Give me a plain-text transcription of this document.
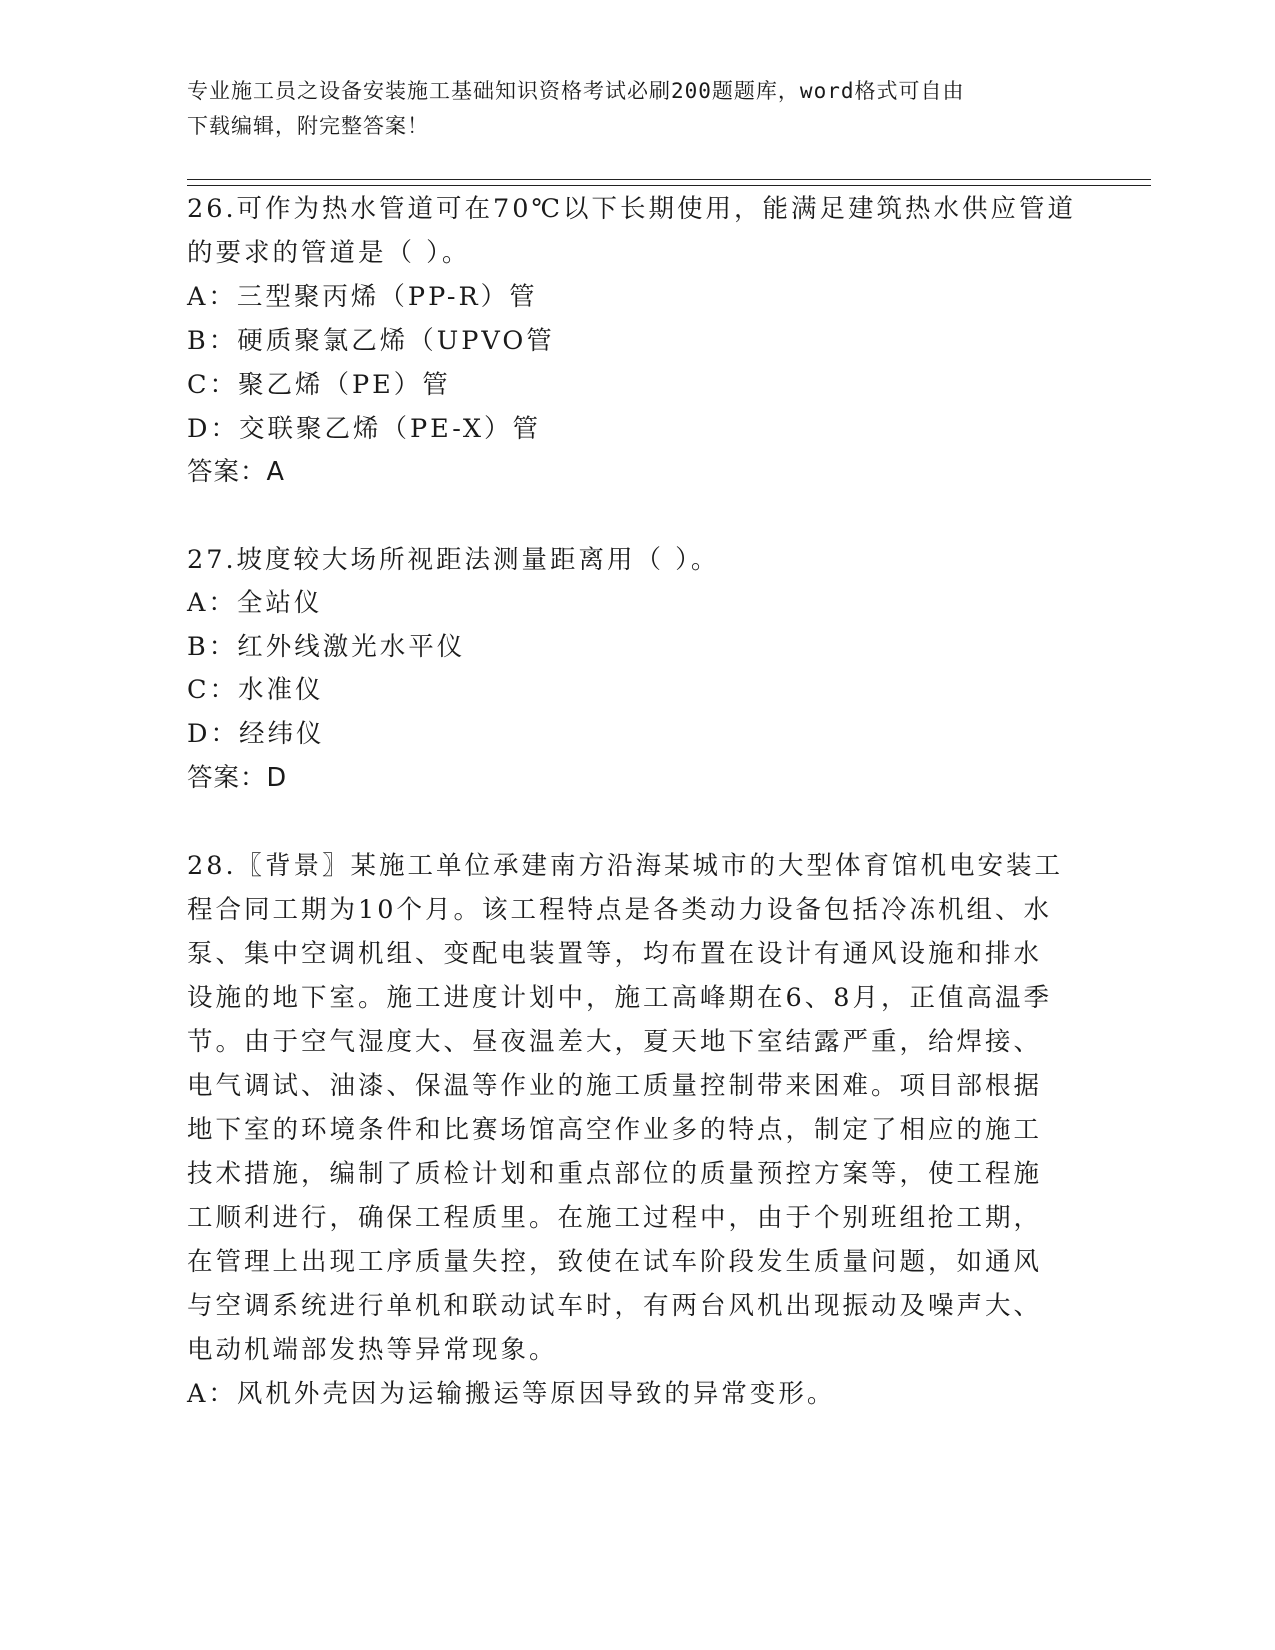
专业施工员之设备安装施工基础知识资格考试必刷200题题库，word格式可自由
下载编辑，附完整答案！
26.可作为热水管道可在70℃以下长期使用，能满足建筑热水供应管道
的要求的管道是（ ）。
A：三型聚丙烯（PP-R）管
B：硬质聚氯乙烯（UPVO管
C：聚乙烯（PE）管
D：交联聚乙烯（PE-X）管
答案：A
27.坡度较大场所视距法测量距离用（ ）。
A：全站仪
B：红外线激光水平仪
C：水准仪
D：经纬仪
答案：D
28.〖背景〗某施工单位承建南方沿海某城市的大型体育馆机电安装工
程合同工期为10个月。该工程特点是各类动力设备包括冷冻机组、水
泵、集中空调机组、变配电装置等，均布置在设计有通风设施和排水
设施的地下室。施工进度计划中，施工高峰期在6、8月，正值高温季
节。由于空气湿度大、昼夜温差大，夏天地下室结露严重，给焊接、
电气调试、油漆、保温等作业的施工质量控制带来困难。项目部根据
地下室的环境条件和比赛场馆高空作业多的特点，制定了相应的施工
技术措施，编制了质检计划和重点部位的质量预控方案等，使工程施
工顺利进行，确保工程质里。在施工过程中，由于个别班组抢工期，
在管理上出现工序质量失控，致使在试车阶段发生质量问题，如通风
与空调系统进行单机和联动试车时，有两台风机出现振动及噪声大、
电动机端部发热等异常现象。
A：风机外壳因为运输搬运等原因导致的异常变形。
